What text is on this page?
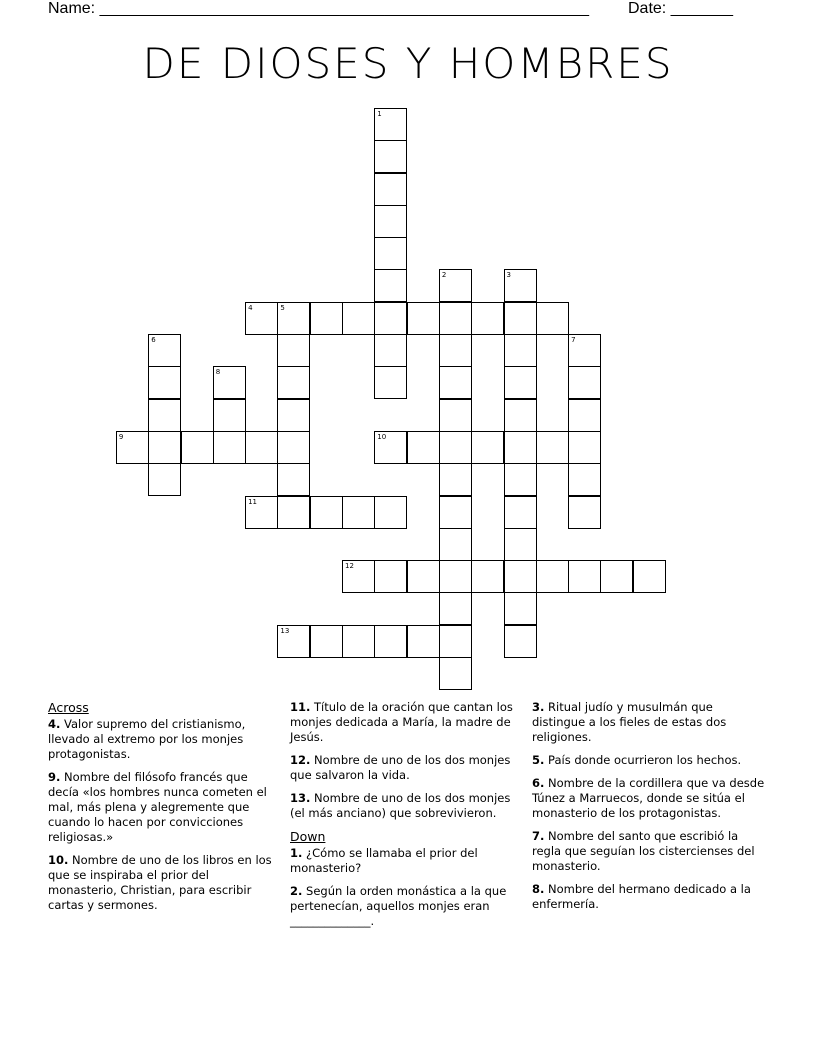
Name: _______________________________________________________ Date: _______
DE DIOSES Y HOMBRES
1
2	3
4	5
6	7
8
9	10
11
12
13
Across
4. Valor supremo del cristianismo, llevado al extremo por los monjes protagonistas.
9. Nombre del filósofo francés que decía «los hombres nunca cometen el mal, más plena y alegremente que cuando lo hacen por convicciones religiosas.»
10. Nombre de uno de los libros en los que se inspiraba el prior del monasterio, Christian, para escribir cartas y sermones.
11. Título de la oración que cantan los monjes dedicada a María, la madre de Jesús.
12. Nombre de uno de los dos monjes que salvaron la vida.
13. Nombre de uno de los dos monjes (el más anciano) que sobrevivieron.
Down
1. ¿Cómo se llamaba el prior del monasterio?
2. Según la orden monástica a la que pertenecían, aquellos monjes eran ______________.
3. Ritual judío y musulmán que distingue a los fieles de estas dos religiones.
5. País donde ocurrieron los hechos.
6. Nombre de la cordillera que va desde Túnez a Marruecos, donde se sitúa el monasterio de los protagonistas.
7. Nombre del santo que escribió la regla que seguían los cistercienses del monasterio.
8. Nombre del hermano dedicado a la enfermería.
